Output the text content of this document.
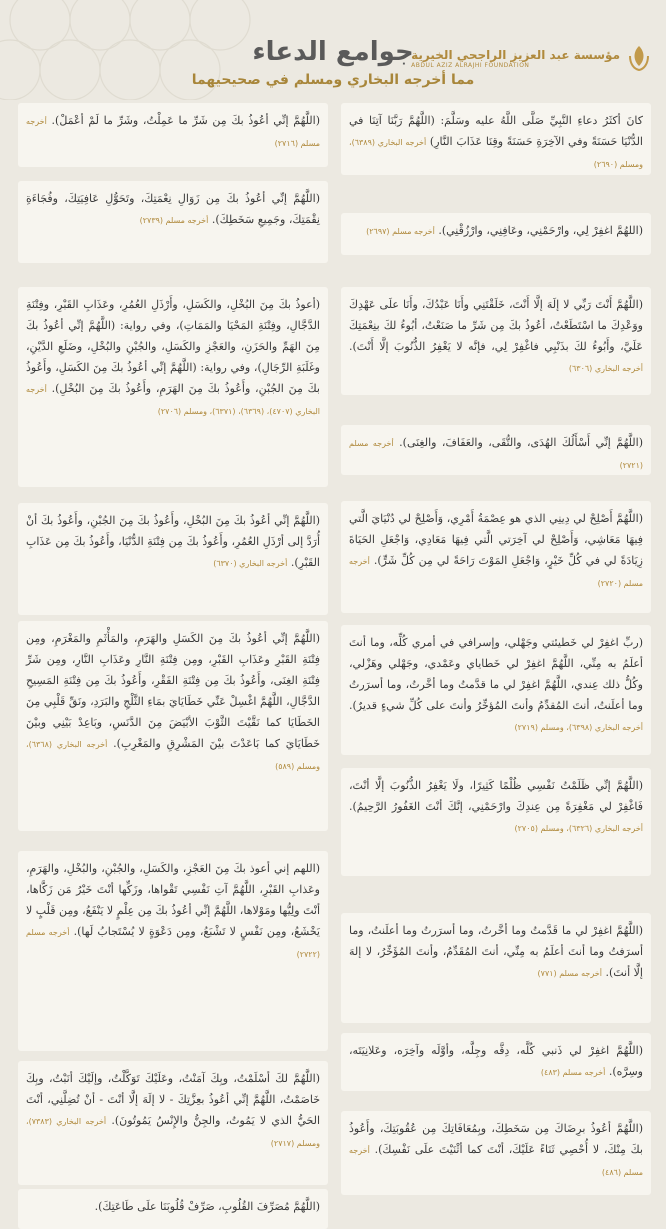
مؤسسة عبد العزيز الراجحي الخيرية
ABDUL AZIZ ALRAJHI FOUNDATION
جوامع الدعاء
مما أخرجه البخاري ومسلم في صحيحيهما
كانَ أكثَرُ دعاءِ النَّبِيِّ صَلَّى اللَّهُ عليه وسَلَّمَ: (اللَّهُمَّ رَبَّنَا آتِنَا في الدُّنْيَا حَسَنَةً وفي الآخِرَةِ حَسَنَةً وقِنَا عَذَابَ النَّارِ) أخرجه البخاري (٦٣٨٩)، ومسلم (٢٦٩٠)
(اللهُمَّ اغفِرْ لِي، وارْحَمْنِي، وعَافِنِي، وارْزُقْنِي). أخرجه مسلم (٢٦٩٧)
(اللَّهُمَّ أَنْتَ رَبِّي لا إلَهَ إلَّا أَنْتَ، خَلَقْتَنِي وأَنَا عَبْدُكَ، وأَنَا علَى عَهْدِكَ ووَعْدِكَ ما اسْتَطَعْتُ، أعُوذُ بكَ مِن شَرِّ ما صَنَعْتُ، أبُوءُ لكَ بنِعْمَتِكَ عَلَيَّ، وأَبُوءُ لكَ بذَنْبِي فاغْفِرْ لِي، فإنَّه لا يَغْفِرُ الذُّنُوبَ إلَّا أَنْتَ). أخرجه البخاري (٦٣٠٦)
(اللَّهُمَّ إنِّي أَسْأَلُكَ الهُدَى، والتُّقَى، والعَفَافَ، والغِنَى). أخرجه مسلم (٢٧٢١)
(اللَّهُمَّ أَصْلِحْ لي دِينِي الذي هو عِصْمَةُ أَمْرِي، وَأَصْلِحْ لي دُنْيَايَ الَّتي فِيهَا مَعَاشِي، وَأَصْلِحْ لي آخِرَتي الَّتي فِيهَا مَعَادِي، وَاجْعَلِ الحَيَاةَ زِيَادَةً لي في كُلِّ خَيْرٍ، وَاجْعَلِ المَوْتَ رَاحَةً لي مِن كُلِّ شَرٍّ). أخرجه مسلم (٢٧٢٠)
(ربِّ اغفِرْ لي خَطيئتي وجَهْلي، وإسرافي في أمري كُلِّه، وما أنتَ أعلَمُ به مِنِّي، اللَّهُمَّ اغفِرْ لي خَطاياي وعَمْدي، وجَهْلي وهَزْلي، وكُلُّ ذلك عِندي، اللَّهُمَّ اغفِرْ لي ما قدَّمتُ وما أخَّرتُ، وما أسرَرتُ وما أعلَنتُ، أنتَ المُقدِّمُ وأنتَ المُؤخِّرُ وأنتَ على كُلِّ شيءٍ قديرٌ). أخرجه البخاري (٦٣٩٨)، ومسلم (٢٧١٩)
(اللَّهُمَّ إنِّي ظَلَمْتُ نَفْسِي ظُلْمًا كَثِيرًا، ولَا يَغْفِرُ الذُّنُوبَ إلَّا أنْتَ، فَاغْفِرْ لي مَغْفِرَةً مِن عِندِكَ وارْحَمْنِي، إنَّكَ أنْتَ الغَفُورُ الرَّحِيمُ). أخرجه البخاري (٦٣٢٦)، ومسلم (٢٧٠٥)
(اللَّهُمَّ اغفِرْ لي ما قَدَّمتُ وما أخَّرتُ، وما أسرَرتُ وما أعلَنتُ، وما أسرَفتُ وما أنتَ أعلَمُ به مِنِّي، أنتَ المُقَدِّمُ، وأنتَ المُؤَخِّرُ، لا إلهَ إلَّا أنتَ). أخرجه مسلم (٧٧١)
(اللَّهُمَّ اغفِرْ لي ذَنبي كُلَّه، دِقَّه وجِلَّه، وأوَّلَه وآخِرَه، وعَلانِيَتَه، وسِرَّه). أخرجه مسلم (٤٨٣)
(اللَّهُمَّ أعُوذُ برِضَاكَ مِن سَخَطِكَ، وبِمُعَافَاتِكَ مِن عُقُوبَتِكَ، وأَعُوذُ بكَ مِنْكَ، لا أُحْصِي ثَنَاءً عَلَيْكَ، أنْتَ كما أثْنَيْتَ علَى نَفْسِكَ). أخرجه مسلم (٤٨٦)
(اللَّهُمَّ إنِّي أعُوذُ بكَ مِن شَرِّ ما عَمِلْتُ، وشَرِّ ما لَمْ أعْمَلْ). أخرجه مسلم (٢٧١٦)
(اللَّهُمَّ إنِّي أعُوذُ بكَ مِن زَوَالِ نِعْمَتِكَ، وتَحَوُّلِ عَافِيَتِكَ، وفُجَاءَةِ نِقْمَتِكَ، وجَمِيعِ سَخَطِكَ). أخرجه مسلم (٢٧٣٩)
(أعوذُ بكَ مِنَ البُخْلِ، والكَسَلِ، وأَرْذَلِ العُمُرِ، وعَذَابِ القَبْرِ، وفِتْنَةِ الدَّجَّالِ، وفِتْنَةِ المَحْيَا والمَمَاتِ)، وفي رواية: (اللَّهُمَّ إنِّي أعُوذُ بكَ مِنَ الهَمِّ والحَزَنِ، والعَجْزِ والكَسَلِ، والجُبْنِ والبُخْلِ، وضَلَعِ الدَّيْنِ، وغَلَبَةِ الرِّجَالِ)، وفي رواية: (اللَّهُمَّ إنِّي أعُوذُ بكَ مِنَ الكَسَلِ، وأَعُوذُ بكَ مِنَ الجُبْنِ، وأَعُوذُ بكَ مِنَ الهَرَمِ، وأَعُوذُ بكَ مِنَ البُخْلِ). أخرجه البخاري (٤٧٠٧)، (٦٣٦٩)، (٦٣٧١)، ومسلم (٢٧٠٦)
(اللَّهُمَّ إنِّي أعُوذُ بكَ مِنَ البُخْلِ، وأَعُوذُ بكَ مِنَ الجُبْنِ، وأَعُوذُ بكَ أنْ أُرَدَّ إلى أرْذَلِ العُمُرِ، وأَعُوذُ بكَ مِن فِتْنَةِ الدُّنْيَا، وأَعُوذُ بكَ مِن عَذَابِ القَبْرِ). أخرجه البخاري (٦٣٧٠)
(اللَّهُمَّ إنِّي أعُوذُ بكَ مِنَ الكَسَلِ والهَرَمِ، والمَأْثَمِ والمَغْرَمِ، ومِن فِتْنَةِ القَبْرِ وعَذَابِ القَبْرِ، ومِن فِتْنَةِ النَّارِ وعَذَابِ النَّارِ، ومِن شَرِّ فِتْنَةِ الغِنَى، وأَعُوذُ بكَ مِن فِتْنَةِ الفَقْرِ، وأَعُوذُ بكَ مِن فِتْنَةِ المَسِيحِ الدَّجَّالِ، اللَّهُمَّ اغْسِلْ عَنِّي خَطَايَايَ بمَاءِ الثَّلْجِ والبَرَدِ، ونَقِّ قَلْبِي مِنَ الخَطَايَا كما نَقَّيْتَ الثَّوْبَ الأبْيَضَ مِنَ الدَّنَسِ، وبَاعِدْ بَيْنِي وبيْنَ خَطَايَايَ كما بَاعَدْتَ بيْنَ المَشْرِقِ والمَغْرِبِ). أخرجه البخاري (٦٣٦٨)، ومسلم (٥٨٩)
(اللهم إني أعوذ بكَ مِنَ العَجْزِ، والكَسَلِ، والجُبْنِ، والبُخْلِ، والهَرَمِ، وعَذابِ القَبْرِ، اللَّهُمَّ آتِ نَفْسِي تَقْواها، وزَكِّها أنْتَ خَيْرُ مَن زَكَّاها، أنْتَ ولِيُّها ومَوْلاها، اللَّهُمَّ إنِّي أعُوذُ بكَ مِن عِلْمٍ لا يَنْفَعُ، ومِن قَلْبٍ لا يَخْشَعُ، ومِن نَفْسٍ لا تَشْبَعُ، ومِن دَعْوَةٍ لا يُسْتَجابُ لَها). أخرجه مسلم (٢٧٢٢)
(اللَّهُمَّ لكَ أسْلَمْتُ، وبِكَ آمَنْتُ، وعَلَيْكَ تَوَكَّلْتُ، وإلَيْكَ أنَبْتُ، وبِكَ خَاصَمْتُ، اللَّهُمَّ إنِّي أعُوذُ بعِزَّتِكَ - لا إلَهَ إلَّا أنْتَ - أنْ تُضِلَّنِي، أنْتَ الحَيُّ الذي لا يَمُوتُ، والجِنُّ والإِنْسُ يَمُوتُونَ). أخرجه البخاري (٧٣٨٣)، ومسلم (٢٧١٧)
(اللَّهُمَّ مُصَرِّفَ القُلُوبِ، صَرِّفْ قُلُوبَنَا علَى طَاعَتِكَ).
